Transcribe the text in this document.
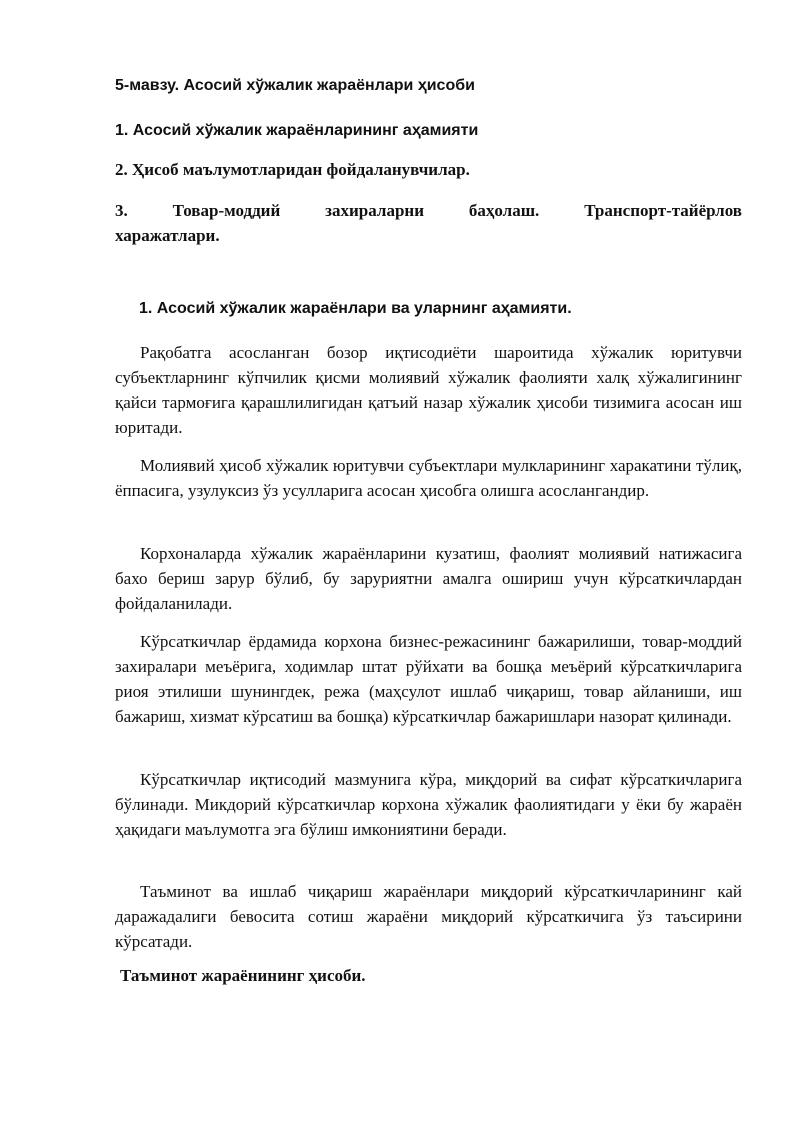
5-мавзу. Асосий хўжалик жараёнлари ҳисоби
1. Асосий хўжалик жараёнларининг аҳамияти
2. Ҳисоб маълумотларидан фойдаланувчилар.
3.	Товар-моддий	захираларни	баҳолаш.	Транспорт-тайёрлов
харажатлари.
1. Асосий хўжалик жараёнлари ва уларнинг аҳамияти.

Рақобатга асосланган бозор иқтисодиёти шароитида хўжалик юритувчи субъектларнинг кўпчилик қисми молиявий хўжалик фаолияти халқ хўжалигининг қайси тармоғига қарашлилигидан қатъий назар хўжалик ҳисоби тизимига асосан иш юритади.

Молиявий ҳисоб хўжалик юритувчи субъектлари мулкларининг харакатини тўлиқ, ёппасига, узулуксиз ўз усулларига асосан ҳисобга олишга асослангандир.

Корхоналарда хўжалик жараёнларини кузатиш, фаолият молиявий натижасига бахо бериш зарур бўлиб, бу заруриятни амалга ошириш учун кўрсаткичлардан фойдаланилади.

Кўрсаткичлар ёрдамида корхона бизнес-режасининг бажарилиши, товар-моддий захиралари меъёрига, ходимлар штат рўйхати ва бошқа меъёрий кўрсаткичларига риоя этилиши шунингдек, режа (маҳсулот ишлаб чиқариш, товар айланиши, иш бажариш, хизмат кўрсатиш ва бошқа) кўрсаткичлар бажаришлари назорат қилинади.

Кўрсаткичлар иқтисодий мазмунига кўра, миқдорий ва сифат кўрсаткичларига бўлинади. Микдорий кўрсаткичлар корхона хўжалик фаолиятидаги у ёки бу жараён ҳақидаги маълумотга эга бўлиш имкониятини беради.

Таъминот ва ишлаб чиқариш жараёнлари миқдорий кўрсаткичларининг кай даражадалиги бевосита сотиш жараёни миқдорий кўрсаткичига ўз таъсирини кўрсатади.

Таъминот жараёнининг ҳисоби.
